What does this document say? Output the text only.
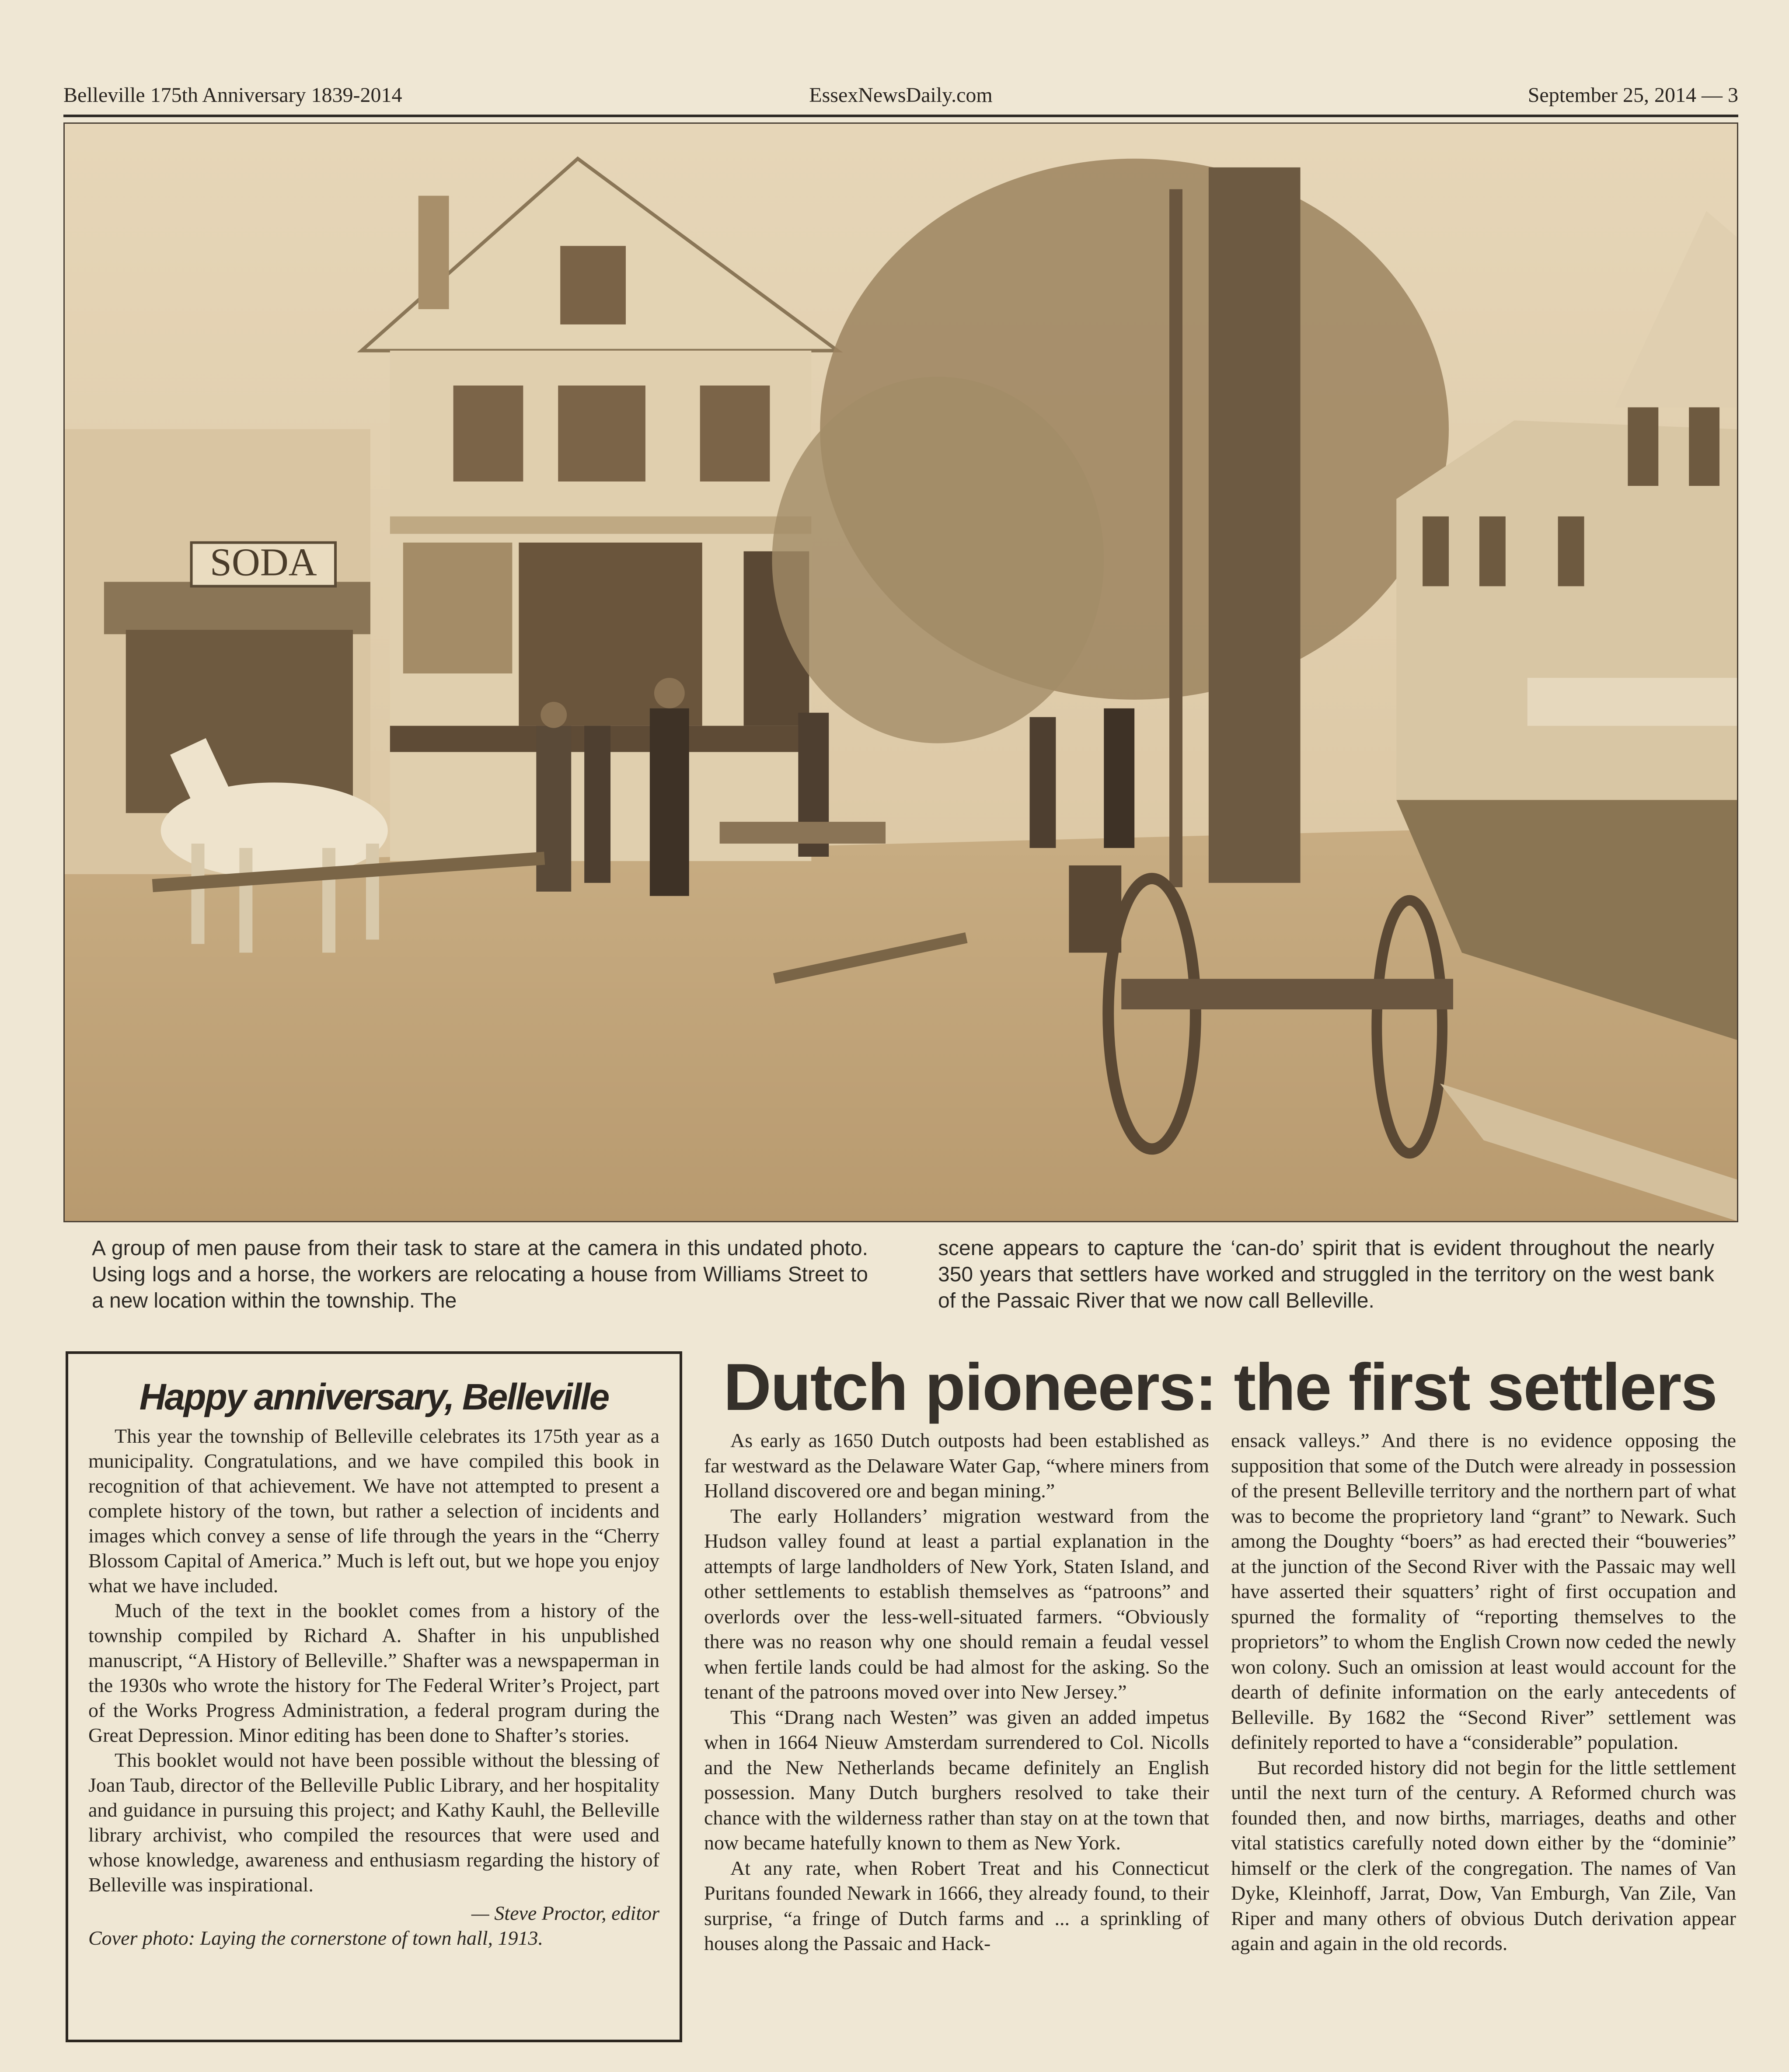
Belleville 175th Anniversary 1839-2014	EssexNewsDaily.com	September 25, 2014 — 3
SODA
A group of men pause from their task to stare at the camera in this undated photo. Using logs and a horse, the workers are relocating a house from Williams Street to a new location within the township. The
scene appears to capture the ‘can-do’ spirit that is evident throughout the nearly 350 years that settlers have worked and struggled in the territory on the west bank of the Passaic River that we now call Belleville.
Happy anniversary, Belleville

This year the township of Belleville celebrates its 175th year as a municipality. Congratulations, and we have compiled this book in recognition of that achievement. We have not attempted to present a complete history of the town, but rather a selection of incidents and images which convey a sense of life through the years in the “Cherry Blossom Capital of America.” Much is left out, but we hope you enjoy what we have included.

Much of the text in the booklet comes from a history of the township compiled by Richard A. Shafter in his unpublished manuscript, “A History of Belleville.” Shafter was a newspaperman in the 1930s who wrote the history for The Federal Writer’s Project, part of the Works Progress Administration, a federal program during the Great Depression. Minor editing has been done to Shafter’s stories.

This booklet would not have been possible without the blessing of Joan Taub, director of the Belleville Public Library, and her hospitality and guidance in pursuing this project; and Kathy Kauhl, the Belleville library archivist, who compiled the resources that were used and whose knowledge, awareness and enthusiasm regarding the history of Belleville was inspirational.

— Steve Proctor, editor

Cover photo: Laying the cornerstone of town hall, 1913.

Dutch pioneers: the first settlers

As early as 1650 Dutch outposts had been established as far westward as the Delaware Water Gap, “where miners from Holland discovered ore and began mining.”

The early Hollanders’ migration westward from the Hudson valley found at least a partial explanation in the attempts of large landholders of New York, Staten Island, and other settlements to establish themselves as “patroons” and overlords over the less-well-situated farmers. “Obviously there was no reason why one should remain a feudal vessel when fertile lands could be had almost for the asking. So the tenant of the patroons moved over into New Jersey.”

This “Drang nach Westen” was given an added impetus when in 1664 Nieuw Amsterdam surrendered to Col. Nicolls and the New Netherlands became definitely an English possession. Many Dutch burghers resolved to take their chance with the wilderness rather than stay on at the town that now became hatefully known to them as New York.

At any rate, when Robert Treat and his Connecticut Puritans founded Newark in 1666, they already found, to their surprise, “a fringe of Dutch farms and ... a sprinkling of houses along the Passaic and Hack-

ensack valleys.” And there is no evidence opposing the supposition that some of the Dutch were already in possession of the present Belleville territory and the northern part of what was to become the proprietory land “grant” to Newark. Such among the Doughty “boers” as had erected their “bouweries” at the junction of the Second River with the Passaic may well have asserted their squatters’ right of first occupation and spurned the formality of “reporting themselves to the proprietors” to whom the English Crown now ceded the newly won colony. Such an omission at least would account for the dearth of definite information on the early antecedents of Belleville. By 1682 the “Second River” settlement was definitely reported to have a “considerable” population.

But recorded history did not begin for the little settlement until the next turn of the century. A Reformed church was founded then, and now births, marriages, deaths and other vital statistics carefully noted down either by the “dominie” himself or the clerk of the congregation. The names of Van Dyke, Kleinhoff, Jarrat, Dow, Van Emburgh, Van Zile, Van Riper and many others of obvious Dutch derivation appear again and again in the old records.
